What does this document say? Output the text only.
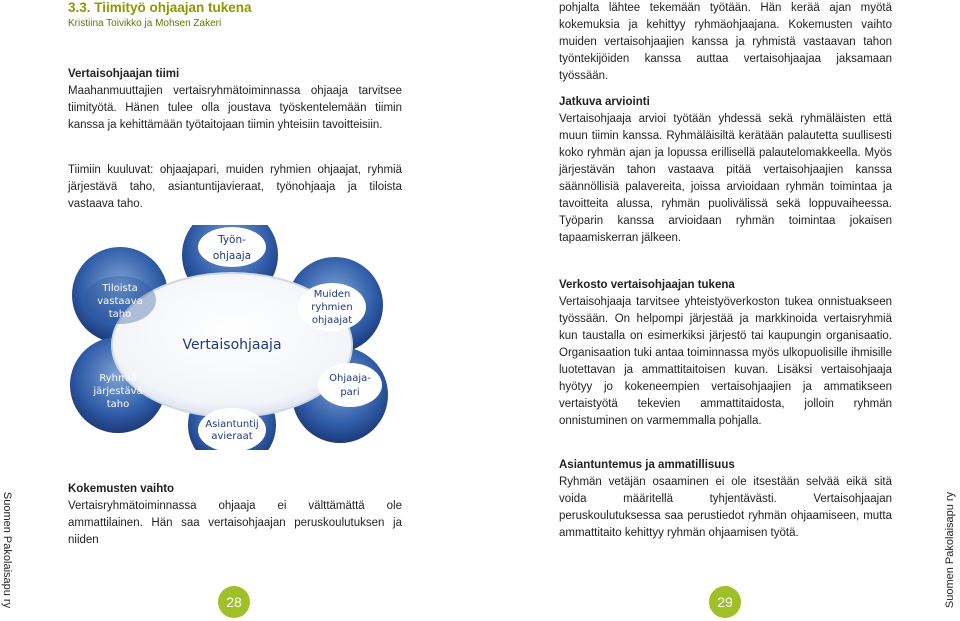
3.3. Tiimityö ohjaajan tukena
Kristiina Toivikko ja Mohsen Zakeri
Vertaisohjaajan tiimi
Maahanmuuttajien vertaisryhmätoiminnassa ohjaaja tarvitsee tiimityötä. Hänen tulee olla joustava työskentelemään tiimin kanssa ja kehittämään työtaitojaan tiimin yhteisiin tavoitteisiin.
Tiimiin kuuluvat: ohjaajapari, muiden ryhmien ohjaajat, ryhmiä järjestävä taho, asiantuntijavieraat, työnohjaaja ja tiloista vastaava taho.
Vertaisohjaaja
Työn-
ohjaaja
Muiden
ryhmien
ohjaajat
Ohjaaja-
pari
Asiantuntij
avieraat
Tiloista
vastaava
taho
Ryhmiä
järjestävä
taho
Kokemusten vaihto
Vertaisryhmätoiminnassa ohjaaja ei välttämättä ole ammattilainen. Hän saa vertaisohjaajan peruskoulutuksen ja niiden
pohjalta lähtee tekemään työtään. Hän kerää ajan myötä kokemuksia ja kehittyy ryhmäohjaajana. Kokemusten vaihto muiden vertaisohjaajien kanssa ja ryhmistä vastaavan tahon työntekijöiden kanssa auttaa vertaisohjaajaa jaksamaan työssään.
Jatkuva arviointi
Vertaisohjaaja arvioi työtään yhdessä sekä ryhmäläisten että muun tiimin kanssa. Ryhmäläisiltä kerätään palautetta suullisesti koko ryhmän ajan ja lopussa erillisellä palautelomakkeella. Myös järjestävän tahon vastaava pitää vertaisohjaajien kanssa säännöllisiä palavereita, joissa arvioidaan ryhmän toimintaa ja tavoitteita alussa, ryhmän puolivälissä sekä loppuvaiheessa. Työparin kanssa arvioidaan ryhmän toimintaa jokaisen tapaamiskerran jälkeen.
Verkosto vertaisohjaajan tukena
Vertaisohjaaja tarvitsee yhteistyöverkoston tukea onnistuakseen työssään. On helpompi järjestää ja markkinoida vertaisryhmiä kun taustalla on esimerkiksi järjestö tai kaupungin organisaatio. Organisaation tuki antaa toiminnassa myös ulkopuolisille ihmisille luotettavan ja ammattitaitoisen kuvan. Lisäksi vertaisohjaaja hyötyy jo kokeneempien vertaisohjaajien ja ammatikseen vertaistyötä tekevien ammattitaidosta, jolloin ryhmän onnistuminen on varmemmalla pohjalla.
Asiantuntemus ja ammatillisuus
Ryhmän vetäjän osaaminen ei ole itsestään selvää eikä sitä voida määritellä tyhjentävästi. Vertaisohjaajan peruskoulutuksessa saa perustiedot ryhmän ohjaamiseen, mutta ammattitaito kehittyy ryhmän ohjaamisen työtä.
28	29
Suomen Pakolaisapu ry	Suomen Pakolaisapu ry
